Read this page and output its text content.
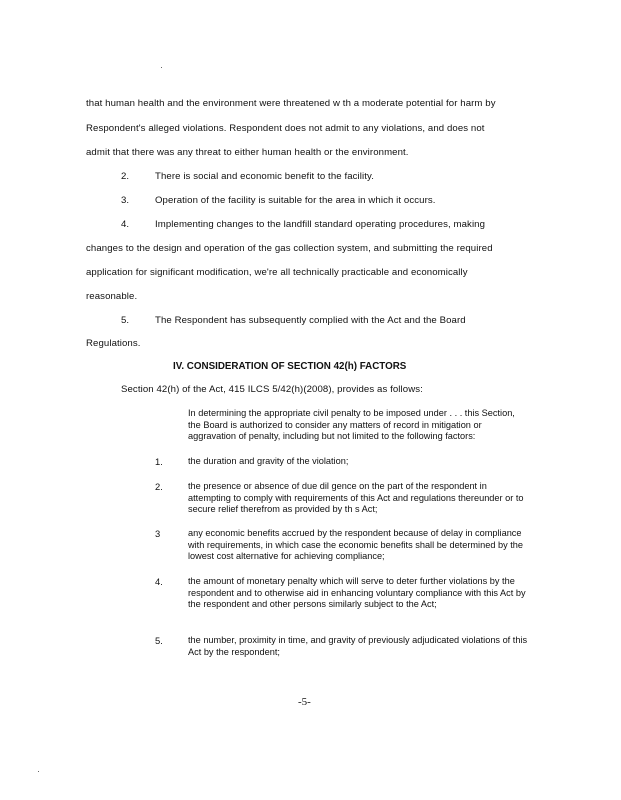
that human health and the environment were threatened w th a moderate potential for harm by

Respondent's alleged violations. Respondent does not admit to any violations, and does not

admit that there was any threat to either human health or the environment.

2.	There is social and economic benefit to the facility.

3.	Operation of the facility is suitable for the area in which it occurs.

4.	Implementing changes to the landfill standard operating procedures, making

changes to the design and operation of the gas collection system, and submitting the required

application for significant modification, we're all technically practicable and economically

reasonable.

5.	The Respondent has subsequently complied with the Act and the Board

Regulations.

IV. CONSIDERATION OF SECTION 42(h) FACTORS

Section 42(h) of the Act, 415 ILCS 5/42(h)(2008), provides as follows:

In determining the appropriate civil penalty to be imposed under . . . this Section, the Board is authorized to consider any matters of record in mitigation or aggravation of penalty, including but not limited to the following factors:

1.	the duration and gravity of the violation;

2.	the presence or absence of due dil gence on the part of the respondent in attempting to comply with requirements of this Act and regulations thereunder or to secure relief therefrom as provided by th s Act;

3	any economic benefits accrued by the respondent because of delay in compliance with requirements, in which case the economic benefits shall be determined by the lowest cost alternative for achieving compliance;

4.	the amount of monetary penalty which will serve to deter further violations by the respondent and to otherwise aid in enhancing voluntary compliance with this Act by the respondent and other persons similarly subject to the Act;

5.	the number, proximity in time, and gravity of previously adjudicated violations of this Act by the respondent;

-5-
